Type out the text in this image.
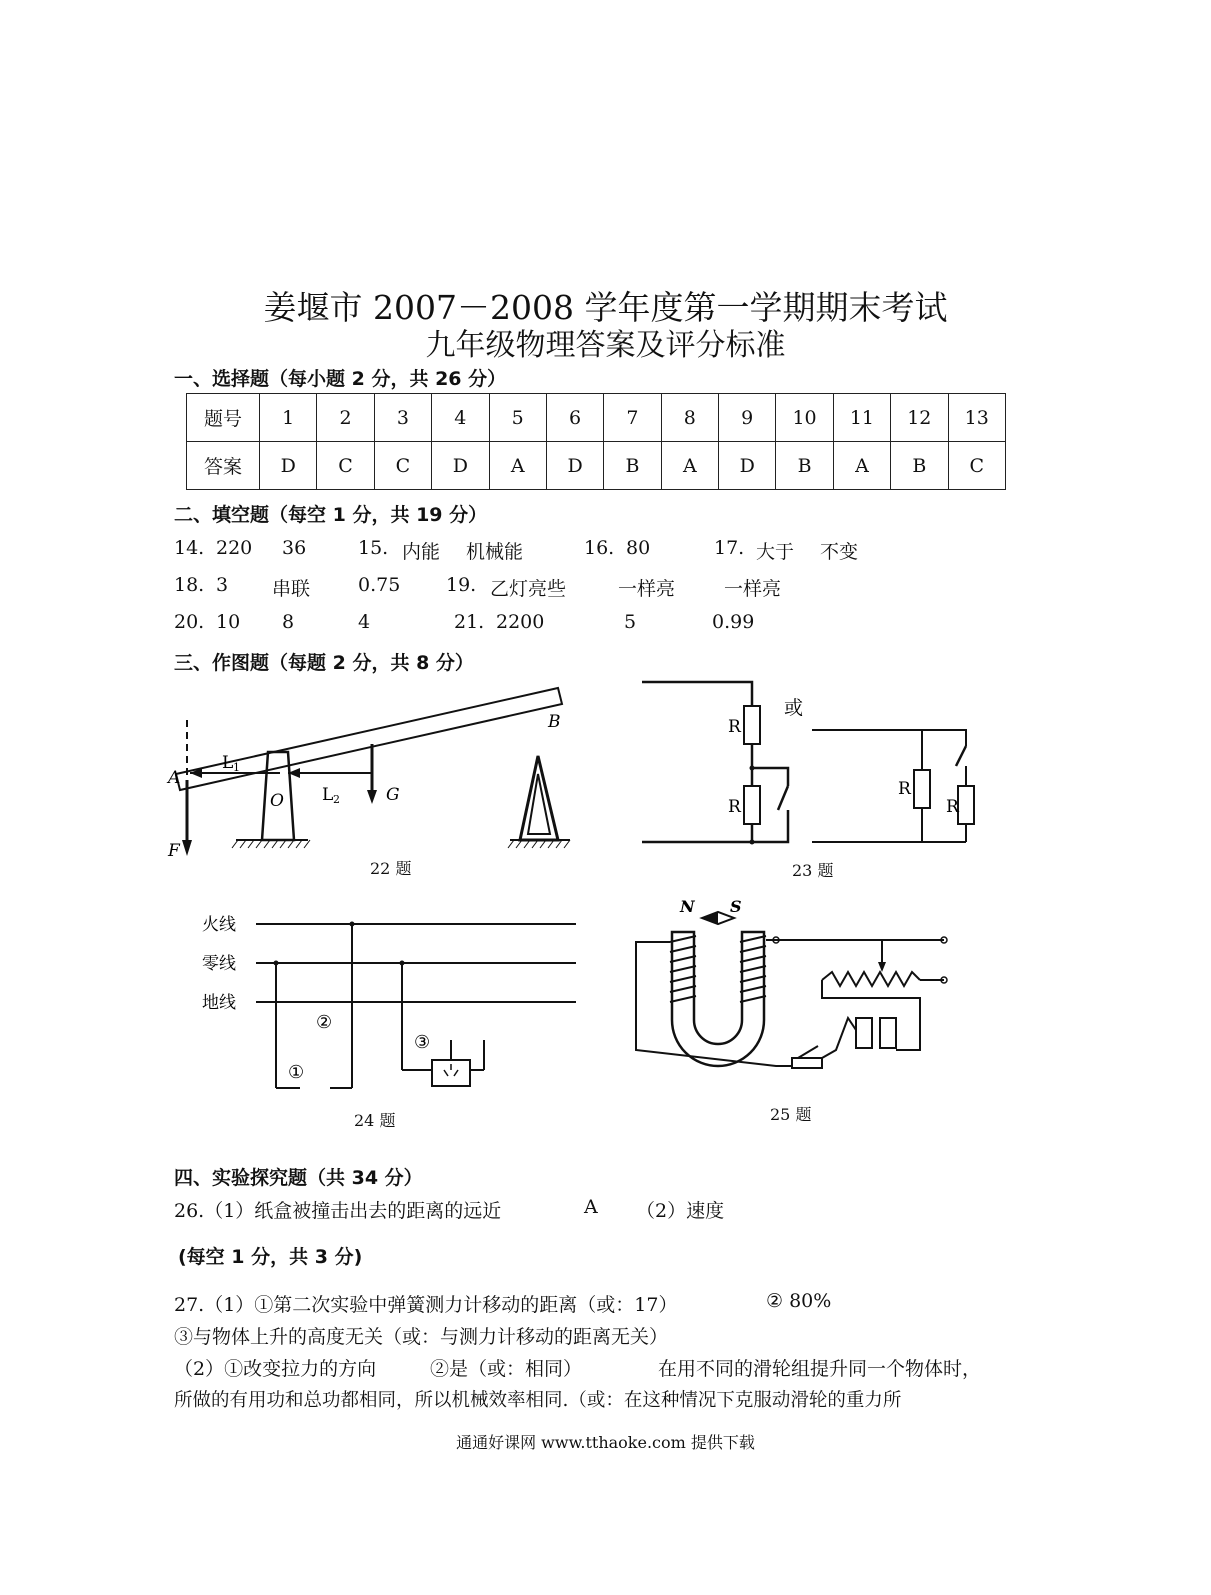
姜堰市 2007－2008 学年度第一学期期末考试
九年级物理答案及评分标准
一、选择题（每小题 2 分，共 26 分）
题号	1	2	3	4	5	6	7	8	9	10	11	12	13
答案	D	C	C	D	A	D	B	A	D	B	A	B	C
二、填空题（每空 1 分，共 19 分）
14. 220 36	15. 内能 机械能	16. 80	17. 大于 不变
18. 3 串联	0.75 19. 乙灯亮些	一样亮	一样亮
20. 10 8	4	21. 2200	5	0.99
三、作图题（每题 2 分，共 8 分）
A
F
L 1
O L 2	G
B
22 题
R
R
或
R
R
23 题
火线
零线
地线
①
②
③
24 题
N S
25 题
四、实验探究题（共 34 分）
26.（1）纸盒被撞击出去的距离的远近	A （2）速度
(每空 1 分，共 3 分)
27.（1）①第二次实验中弹簧测力计移动的距离（或：17）	② 80%
③与物体上升的高度无关（或：与测力计移动的距离无关）
（2）①改变拉力的方向	②是（或：相同）	在用不同的滑轮组提升同一个物体时，
所做的有用功和总功都相同，所以机械效率相同.（或：在这种情况下克服动滑轮的重力所
通通好课网 www.tthaoke.com 提供下载
